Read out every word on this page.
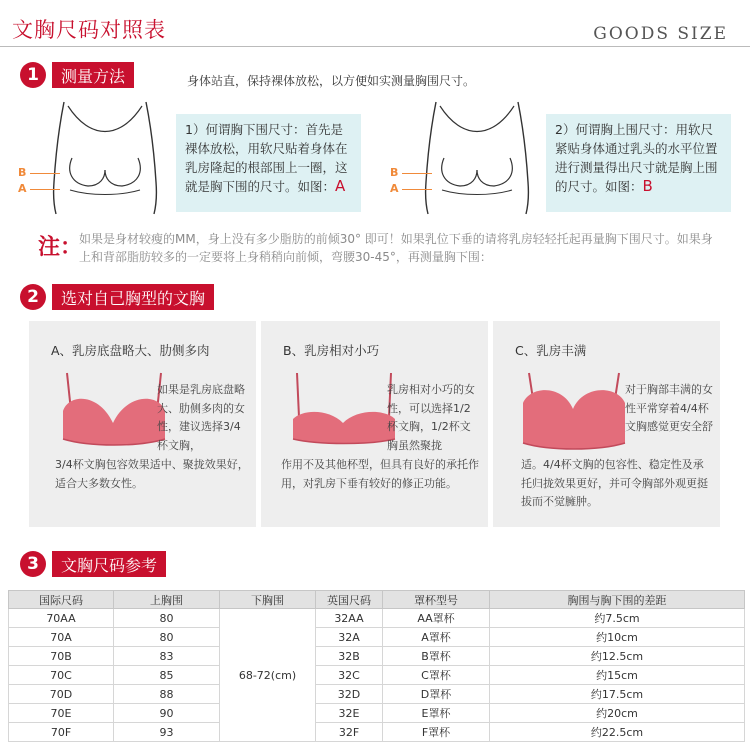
文胸尺码对照表	GOODS SIZE
1	测量方法	身体站直，保持裸体放松，以方便如实测量胸围尺寸。
B
A
1）何谓胸下围尺寸：首先是裸体放松，用软尺贴着身体在乳房隆起的根部围上一圈，这就是胸下围的尺寸。如图：A
B
A
2）何谓胸上围尺寸：用软尺紧贴身体通过乳头的水平位置进行测量得出尺寸就是胸上围的尺寸。如图：B
注：
如果是身材较瘦的MM，身上没有多少脂肪的前倾30° 即可！如果乳位下垂的请将乳房轻轻托起再量胸下围尺寸。如果身上和背部脂肪较多的一定要将上身稍稍向前倾，弯腰30-45°，再测量胸下围：
2	选对自己胸型的文胸
A、乳房底盘略大、肋侧多肉
如果是乳房底盘略大、肋侧多肉的女性，建议选择3/4杯文胸，
3/4杯文胸包容效果适中、聚拢效果好，适合大多数女性。
B、乳房相对小巧
乳房相对小巧的女性，可以选择1/2杯文胸，1/2杯文胸虽然聚拢
作用不及其他杯型，但具有良好的承托作用，对乳房下垂有较好的修正功能。
C、乳房丰满
对于胸部丰满的女性平常穿着4/4杯文胸感觉更安全舒
适。4/4杯文胸的包容性、稳定性及承托归拢效果更好，并可令胸部外观更挺拔而不觉臃肿。
3	文胸尺码参考
国际尺码	上胸围	下胸围	英国尺码	罩杯型号	胸围与胸下围的差距
70AA	80	68-72(cm)	32AA	AA罩杯	约7.5cm
70A	80		32A	A罩杯	约10cm
70B	83		32B	B罩杯	约12.5cm
70C	85		32C	C罩杯	约15cm
70D	88		32D	D罩杯	约17.5cm
70E	90		32E	E罩杯	约20cm
70F	93		32F	F罩杯	约22.5cm
